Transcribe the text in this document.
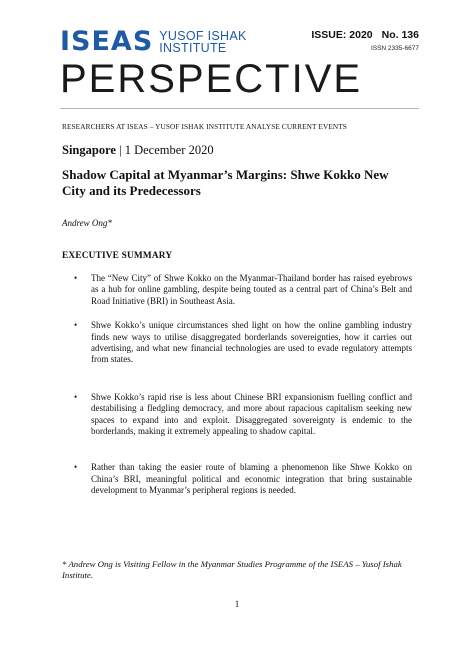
ISEAS YUSOF ISHAK
INSTITUTE
ISSUE: 2020 No. 136
ISSN 2335-6677
PERSPECTIVE
RESEARCHERS AT ISEAS – YUSOF ISHAK INSTITUTE ANALYSE CURRENT EVENTS
Singapore | 1 December 2020
Shadow Capital at Myanmar’s Margins: Shwe Kokko New City and its Predecessors
Andrew Ong*
EXECUTIVE SUMMARY
• The “New City” of Shwe Kokko on the Myanmar-Thailand border has raised eyebrows as a hub for online gambling, despite being touted as a central part of China’s Belt and Road Initiative (BRI) in Southeast Asia.
• Shwe Kokko’s unique circumstances shed light on how the online gambling industry finds new ways to utilise disaggregated borderlands sovereignties, how it carries out advertising, and what new financial technologies are used to evade regulatory attempts from states.
• Shwe Kokko’s rapid rise is less about Chinese BRI expansionism fuelling conflict and destabilising a fledgling democracy, and more about rapacious capitalism seeking new spaces to expand into and exploit. Disaggregated sovereignty is endemic to the borderlands, making it extremely appealing to shadow capital.
• Rather than taking the easier route of blaming a phenomenon like Shwe Kokko on China’s BRI, meaningful political and economic integration that bring sustainable development to Myanmar’s peripheral regions is needed.
* Andrew Ong is Visiting Fellow in the Myanmar Studies Programme of the ISEAS – Yusof Ishak Institute.
1
